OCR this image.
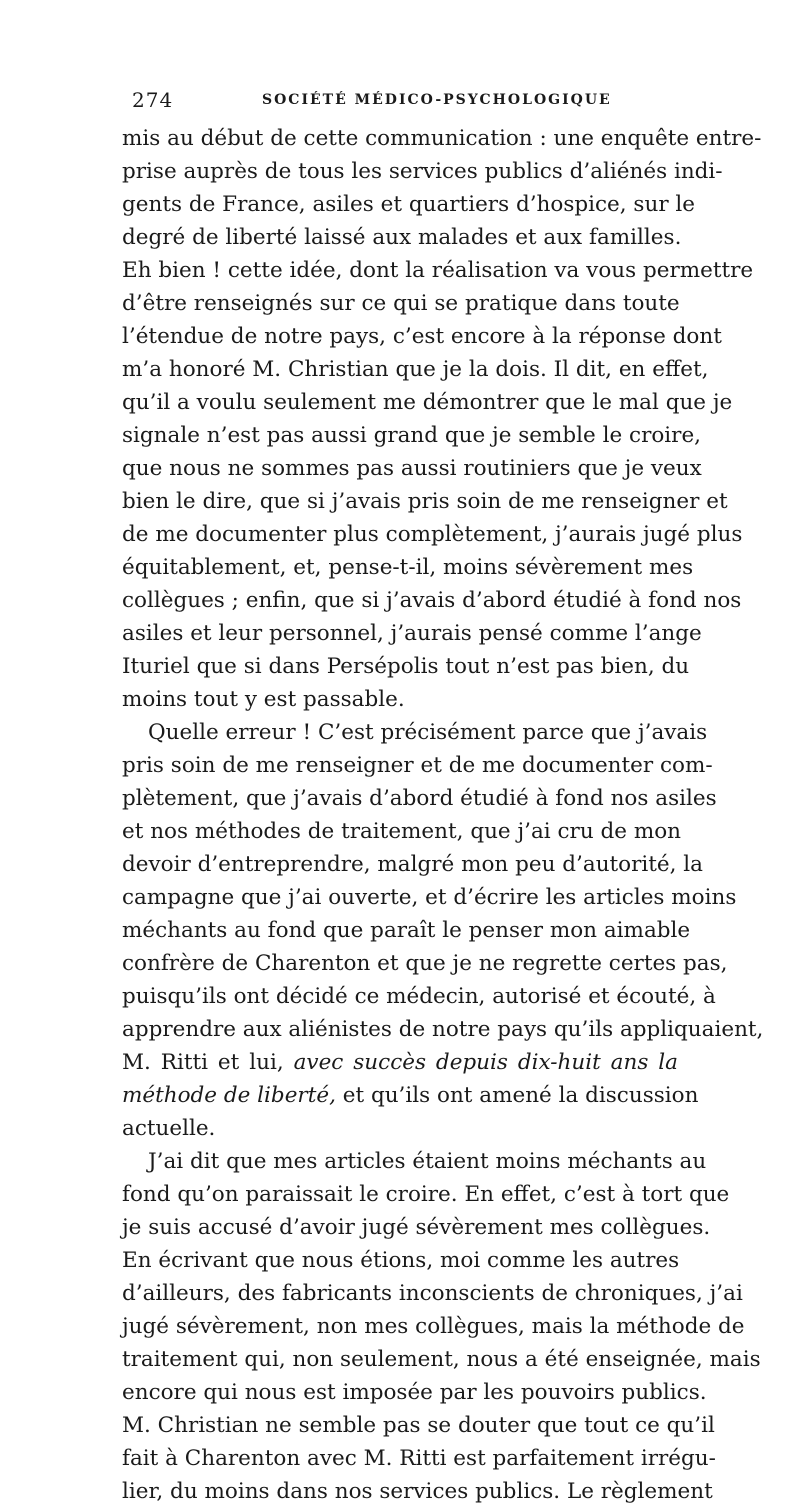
274	SOCIÉTÉ MÉDICO-PSYCHOLOGIQUE
mis au début de cette communication : une enquête entre-
prise auprès de tous les services publics d’aliénés indi-
gents de France, asiles et quartiers d’hospice, sur le
degré de liberté laissé aux malades et aux familles.
Eh bien ! cette idée, dont la réalisation va vous permettre
d’être renseignés sur ce qui se pratique dans toute
l’étendue de notre pays, c’est encore à la réponse dont
m’a honoré M. Christian que je la dois. Il dit, en effet,
qu’il a voulu seulement me démontrer que le mal que je
signale n’est pas aussi grand que je semble le croire,
que nous ne sommes pas aussi routiniers que je veux
bien le dire, que si j’avais pris soin de me renseigner et
de me documenter plus complètement, j’aurais jugé plus
équitablement, et, pense-t-il, moins sévèrement mes
collègues ; enfin, que si j’avais d’abord étudié à fond nos
asiles et leur personnel, j’aurais pensé comme l’ange
Ituriel que si dans Persépolis tout n’est pas bien, du
moins tout y est passable.
Quelle erreur ! C’est précisément parce que j’avais
pris soin de me renseigner et de me documenter com-
plètement, que j’avais d’abord étudié à fond nos asiles
et nos méthodes de traitement, que j’ai cru de mon
devoir d’entreprendre, malgré mon peu d’autorité, la
campagne que j’ai ouverte, et d’écrire les articles moins
méchants au fond que paraît le penser mon aimable
confrère de Charenton et que je ne regrette certes pas,
puisqu’ils ont décidé ce médecin, autorisé et écouté, à
apprendre aux aliénistes de notre pays qu’ils appliquaient,
M. Ritti et lui, avec succès depuis dix-huit ans la
méthode de liberté, et qu’ils ont amené la discussion
actuelle.
J’ai dit que mes articles étaient moins méchants au
fond qu’on paraissait le croire. En effet, c’est à tort que
je suis accusé d’avoir jugé sévèrement mes collègues.
En écrivant que nous étions, moi comme les autres
d’ailleurs, des fabricants inconscients de chroniques, j’ai
jugé sévèrement, non mes collègues, mais la méthode de
traitement qui, non seulement, nous a été enseignée, mais
encore qui nous est imposée par les pouvoirs publics.
M. Christian ne semble pas se douter que tout ce qu’il
fait à Charenton avec M. Ritti est parfaitement irrégu-
lier, du moins dans nos services publics. Le règlement
